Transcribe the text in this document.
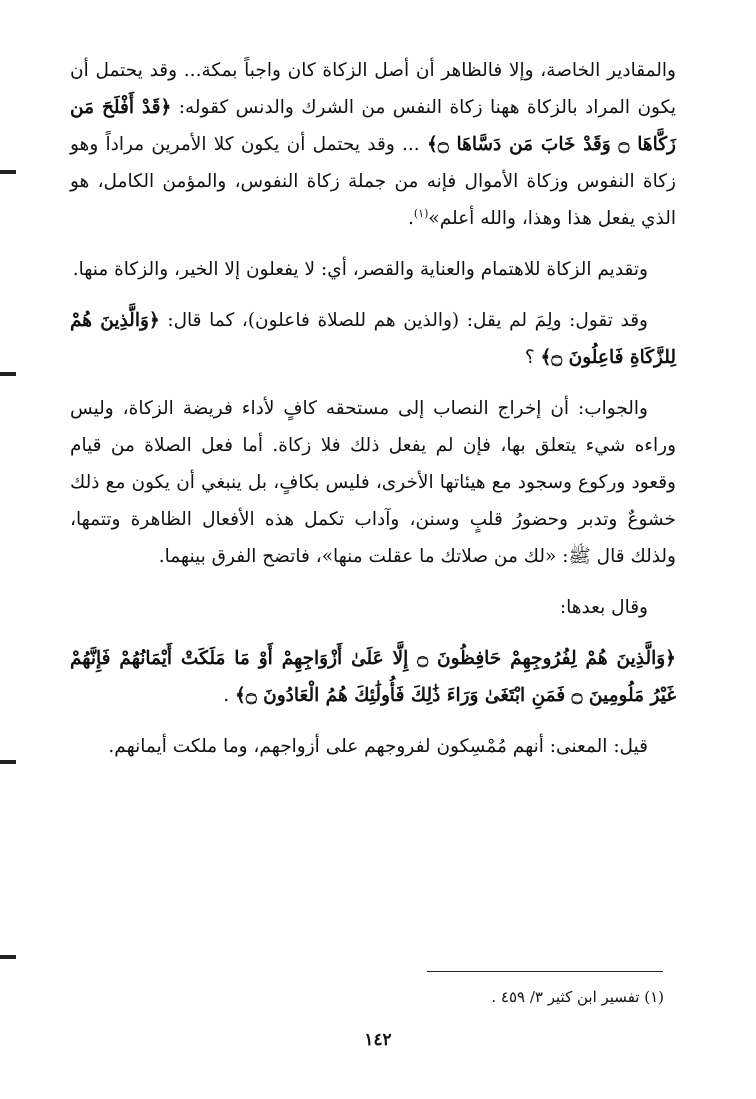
والمقادير الخاصة، وإلا فالظاهر أن أصل الزكاة كان واجباً بمكة... وقد يحتمل أن يكون المراد بالزكاة ههنا زكاة النفس من الشرك والدنس كقوله: ﴿قَدْ أَفْلَحَ مَن زَكَّاهَا ۝ وَقَدْ خَابَ مَن دَسَّاهَا ۝﴾ ... وقد يحتمل أن يكون كلا الأمرين مراداً وهو زكاة النفوس وزكاة الأموال فإنه من جملة زكاة النفوس، والمؤمن الكامل، هو الذي يفعل هذا وهذا، والله أعلم»$^{(١)}$.

وتقديم الزكاة للاهتمام والعناية والقصر، أي: لا يفعلون إلا الخير، والزكاة منها.

وقد تقول: ولِمَ لم يقل: (والذين هم للصلاة فاعلون)، كما قال: ﴿وَالَّذِينَ هُمْ لِلزَّكَاةِ فَاعِلُونَ ۝﴾ ؟

والجواب: أن إخراج النصاب إلى مستحقه كافٍ لأداء فريضة الزكاة، وليس وراءه شيء يتعلق بها، فإن لم يفعل ذلك فلا زكاة. أما فعل الصلاة من قيام وقعود وركوع وسجود مع هيئاتها الأخرى، فليس بكافٍ، بل ينبغي أن يكون مع ذلك خشوعٌ وتدبر وحضورُ قلبٍ وسنن، وآداب تكمل هذه الأفعال الظاهرة وتتمها، ولذلك قال ﷺ: «لك من صلاتك ما عقلت منها»، فاتضح الفرق بينهما.

وقال بعدها:

﴿وَالَّذِينَ هُمْ لِفُرُوجِهِمْ حَافِظُونَ ۝ إِلَّا عَلَىٰ أَزْوَاجِهِمْ أَوْ مَا مَلَكَتْ أَيْمَانُهُمْ فَإِنَّهُمْ غَيْرُ مَلُومِينَ ۝ فَمَنِ ابْتَغَىٰ وَرَاءَ ذَٰلِكَ فَأُولَٰئِكَ هُمُ الْعَادُونَ ۝﴾ .

قيل: المعنى: أنهم مُمْسِكون لفروجهم على أزواجهم، وما ملكت أيمانهم.

(١) تفسير ابن كثير ٣/ ٤٥٩ .
١٤٢
